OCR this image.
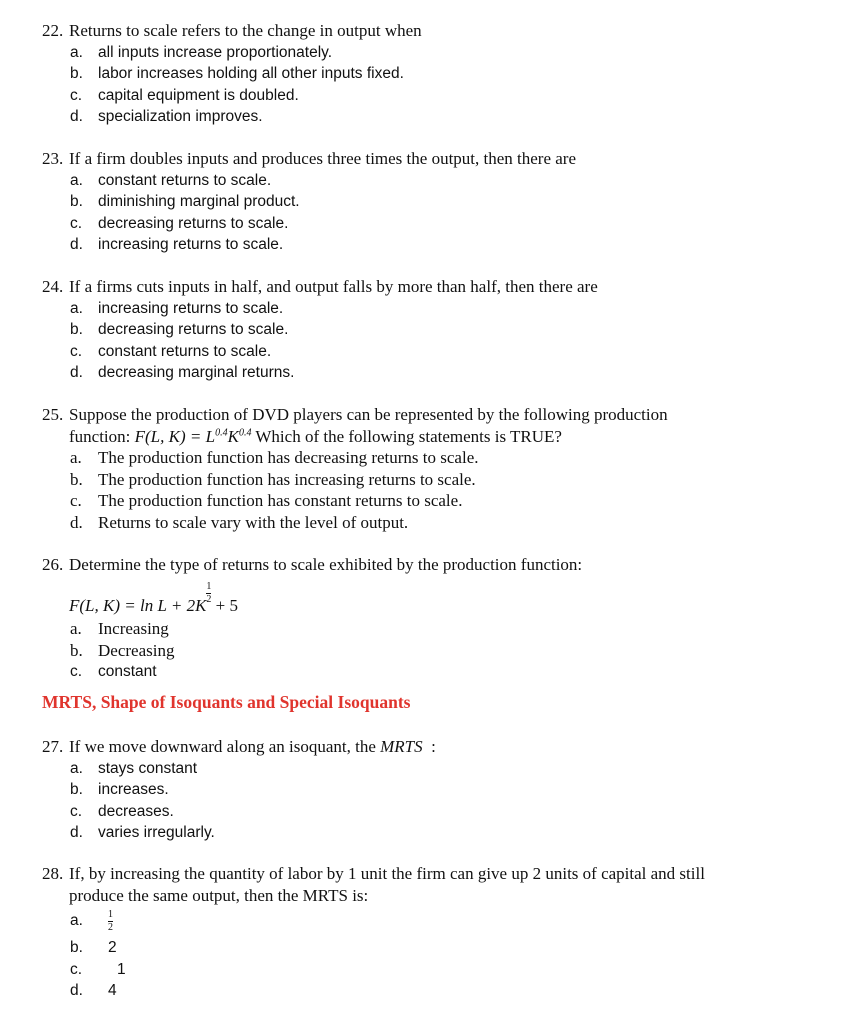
22. Returns to scale refers to the change in output when
a. all inputs increase proportionately.
b. labor increases holding all other inputs fixed.
c.	capital equipment is doubled.
d. specialization improves.
23. If a firm doubles inputs and produces three times the output, then there are
a. constant returns to scale.
b. diminishing marginal product.
c.	decreasing returns to scale.
d. increasing returns to scale.
24. If a firms cuts inputs in half, and output falls by more than half, then there are
a. increasing returns to scale.
b. decreasing returns to scale.
c.	constant returns to scale.
d. decreasing marginal returns.
25. Suppose the production of DVD players can be represented by the following production
function: F(L, $K) = L^{0.4}K^{0.4}$ Which of the following statements is TRUE?
a. The production function has decreasing returns to scale.
b. The production function has increasing returns to scale.
c. The production function has constant returns to scale.
d. Returns to scale vary with the level of output.
26. Determine the type of returns to scale exhibited by the production function:
F(L, $K) = \ln L + 2K\frac{1}{2} + 5$
a. Increasing
b. Decreasing
c.	constant
MRTS, Shape of Isoquants and Special Isoquants
27. If we move downward along an isoquant, the MRTS :
a. stays constant
b. increases.
c.	decreases.
d. varies irregularly.
28. If, by increasing the quantity of labor by 1 unit the firm can give up 2 units of capital and still
produce the same output, then the MRTS is:
a.	$\frac{1}{2}$
b.	2
c.	1
d.	4
